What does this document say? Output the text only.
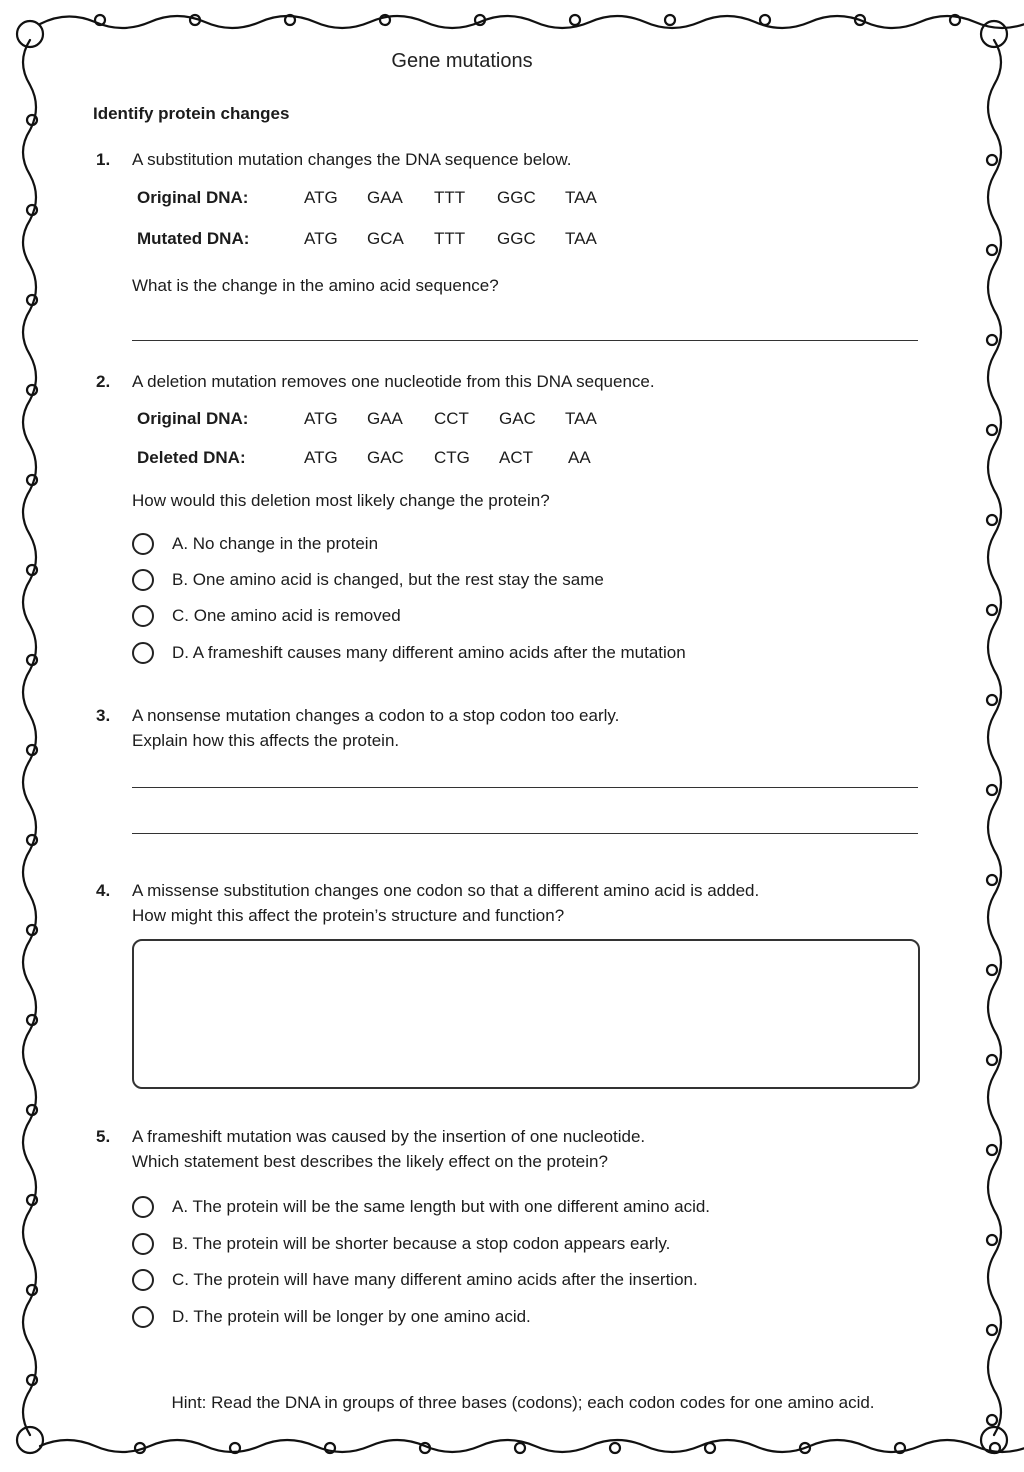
Gene mutations
Identify protein changes
1. A substitution mutation changes the DNA sequence below.
Original DNA:	ATG GAA TTT GGC TAA
Mutated DNA:	ATG GCA TTT GGC TAA
What is the change in the amino acid sequence?
2. A deletion mutation removes one nucleotide from this DNA sequence.
Original DNA:	ATG GAA CCT GAC TAA
Deleted DNA:	ATG GAC CTG ACT AA
How would this deletion most likely change the protein?
A. No change in the protein
B. One amino acid is changed, but the rest stay the same
C. One amino acid is removed
D. A frameshift causes many different amino acids after the mutation
3. A nonsense mutation changes a codon to a stop codon too early.
Explain how this affects the protein.
4. A missense substitution changes one codon so that a different amino acid is added.
How might this affect the protein’s structure and function?
5. A frameshift mutation was caused by the insertion of one nucleotide.
Which statement best describes the likely effect on the protein?
A. The protein will be the same length but with one different amino acid.
B. The protein will be shorter because a stop codon appears early.
C. The protein will have many different amino acids after the insertion.
D. The protein will be longer by one amino acid.
Hint: Read the DNA in groups of three bases (codons); each codon codes for one amino acid.
